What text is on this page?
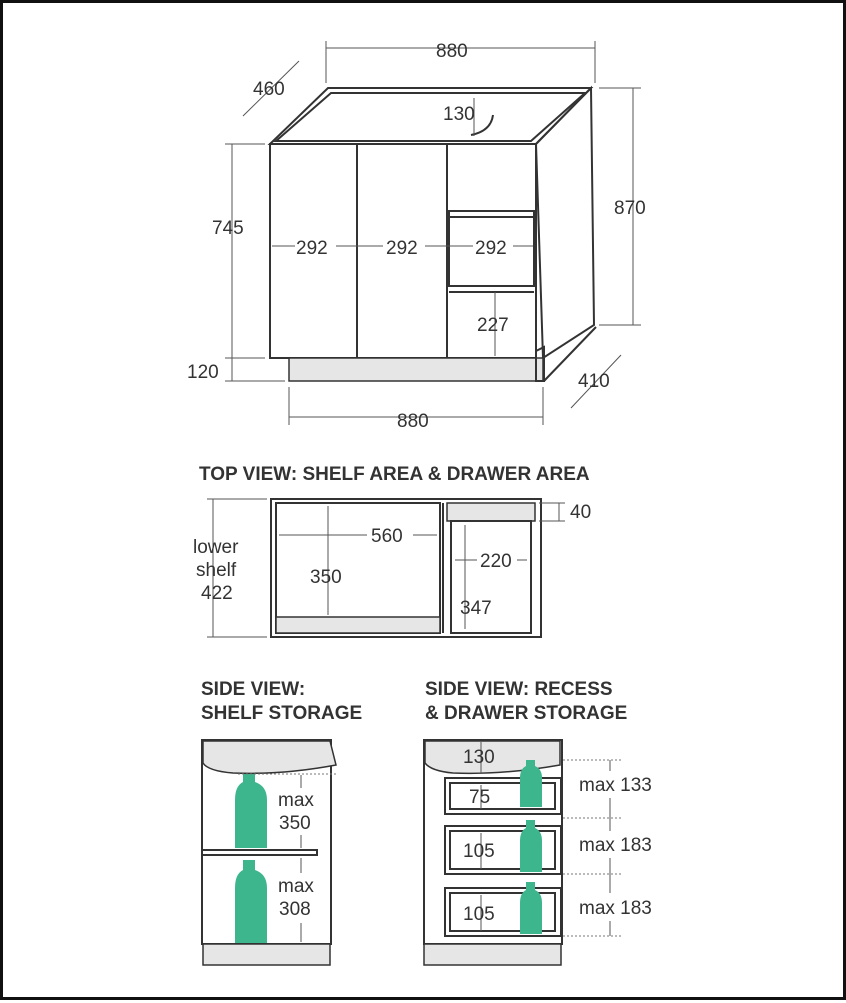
880
460
130
870
745
292	292	292
227
120
880
410
TOP VIEW: SHELF AREA & DRAWER AREA
lower
shelf
422
560
350
40
220
347
SIDE VIEW:
SHELF STORAGE
max
350
max
308
SIDE VIEW: RECESS
& DRAWER STORAGE
130
75
105
105
max 133
max 183
max 183
